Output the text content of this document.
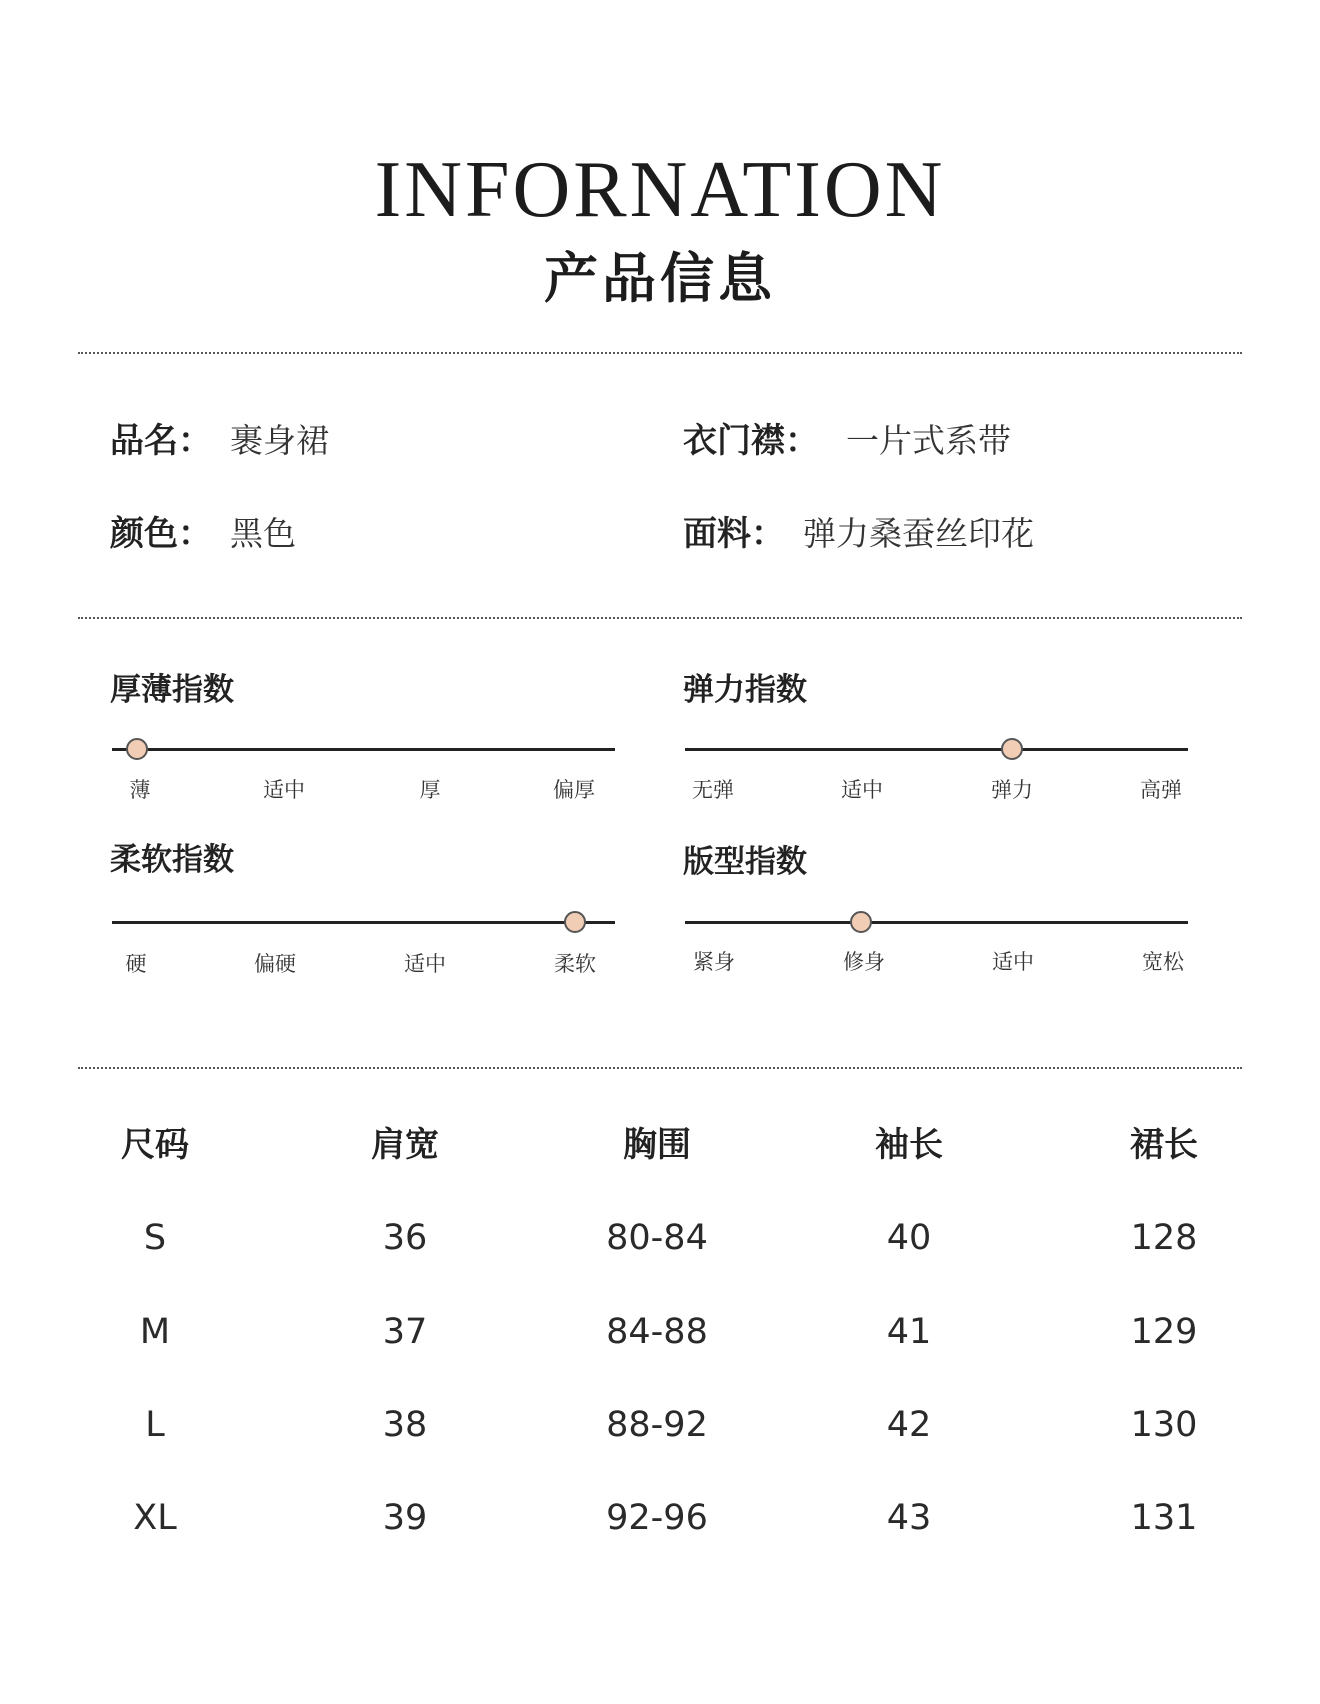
INFORNATION
产品信息
品名： 裹身裙	衣门襟： 一片式系带
颜色： 黑色	面料： 弹力桑蚕丝印花
厚薄指数
薄	适中	厚	偏厚
弹力指数
无弹	适中	弹力	高弹
柔软指数
硬	偏硬	适中	柔软
版型指数
紧身	修身	适中	宽松
尺码	肩宽	胸围	袖长	裙长
S	36	80-84	40	128
M	37	84-88	41	129
L	38	88-92	42	130
XL	39	92-96	43	131
